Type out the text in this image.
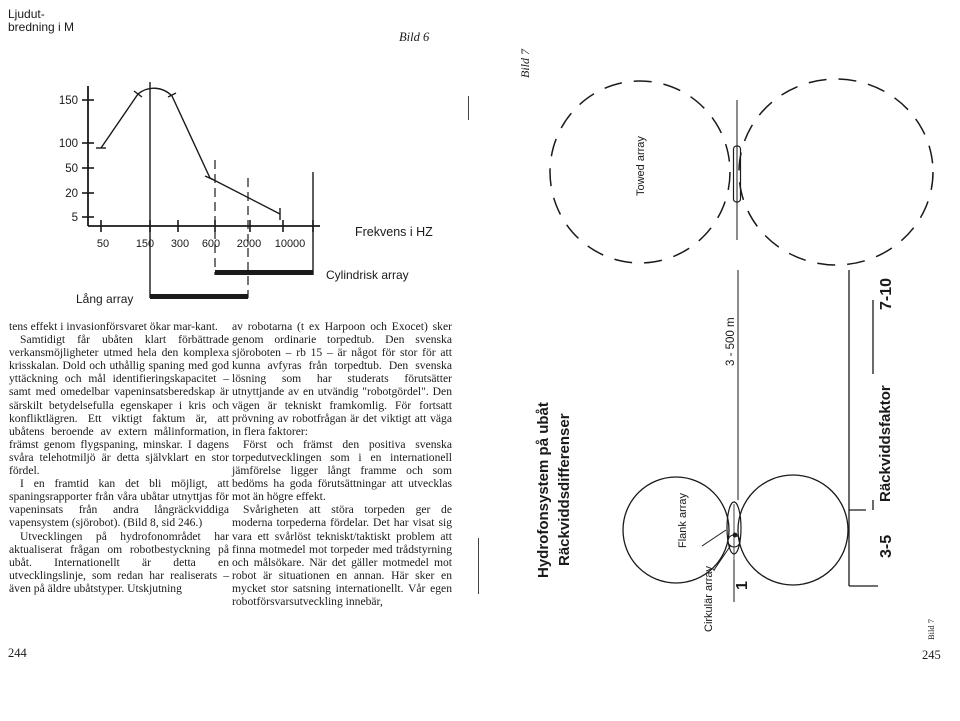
Ljudut-
bredning i M
Bild 6
150
100
50
20
5
50 150 300 600 2000 10000
Frekvens i HZ
Cylindrisk array
Lång array

tens effekt i invasionförsvaret ökar mar-kant.

Samtidigt får ubåten klart förbättrade verkansmöjligheter utmed hela den komplexa krisskalan. Dold och uthållig spaning med god yttäckning och mål identifieringskapacitet – samt med omedelbar vapeninsatsberedskap är särskilt betydelsefulla egenskaper i kris och konfliktlägren. Ett viktigt faktum är, att ubåtens beroende av extern målinformation, främst genom flygspaning, minskar. I dagens svåra telehotmiljö är detta självklart en stor fördel.

I en framtid kan det bli möjligt, att spaningsrapporter från våra ubåtar utnyttjas för vapeninsats från andra långräckviddiga vapensystem (sjörobot). (Bild 8, sid 246.)

Utvecklingen på hydrofonområdet har aktualiserat frågan om robotbestyckning på ubåt. Internationellt är detta en utvecklingslinje, som redan har realiserats – även på äldre ubåtstyper. Utskjutning

244

av robotarna (t ex Harpoon och Exocet) sker genom ordinarie torpedtub. Den svenska sjöroboten – rb 15 – är något för stor för att kunna avfyras från torpedtub. Den svenska lösning som har studerats förutsätter utnyttjande av en utvändig "robotgördel". Den vägen är tekniskt framkomlig. För fortsatt prövning av robotfrågan är det viktigt att väga in flera faktorer:

Först och främst den positiva svenska torpedutvecklingen som i en internationell jämförelse ligger långt framme och som bedöms ha goda förutsättningar att utvecklas mot än högre effekt.

Svårigheten att störa torpeden ger de moderna torpederna fördelar. Det har visat sig vara ett svårlöst tekniskt/taktiskt problem att finna motmedel mot torpeder med trådstyrning och målsökare. När det gäller motmedel mot robot är situationen en annan. Här sker en mycket stor satsning internationellt. Vår egen robotförsvarsutveckling innebär,

245
Hydrofonsystem på ubåt Räckviddsdifferenser	Räckviddsfaktor
7-10
3-5
1
3 - 500 m
Towed array
Flank array
Cirkulär array
Bild 7
Bild 7
